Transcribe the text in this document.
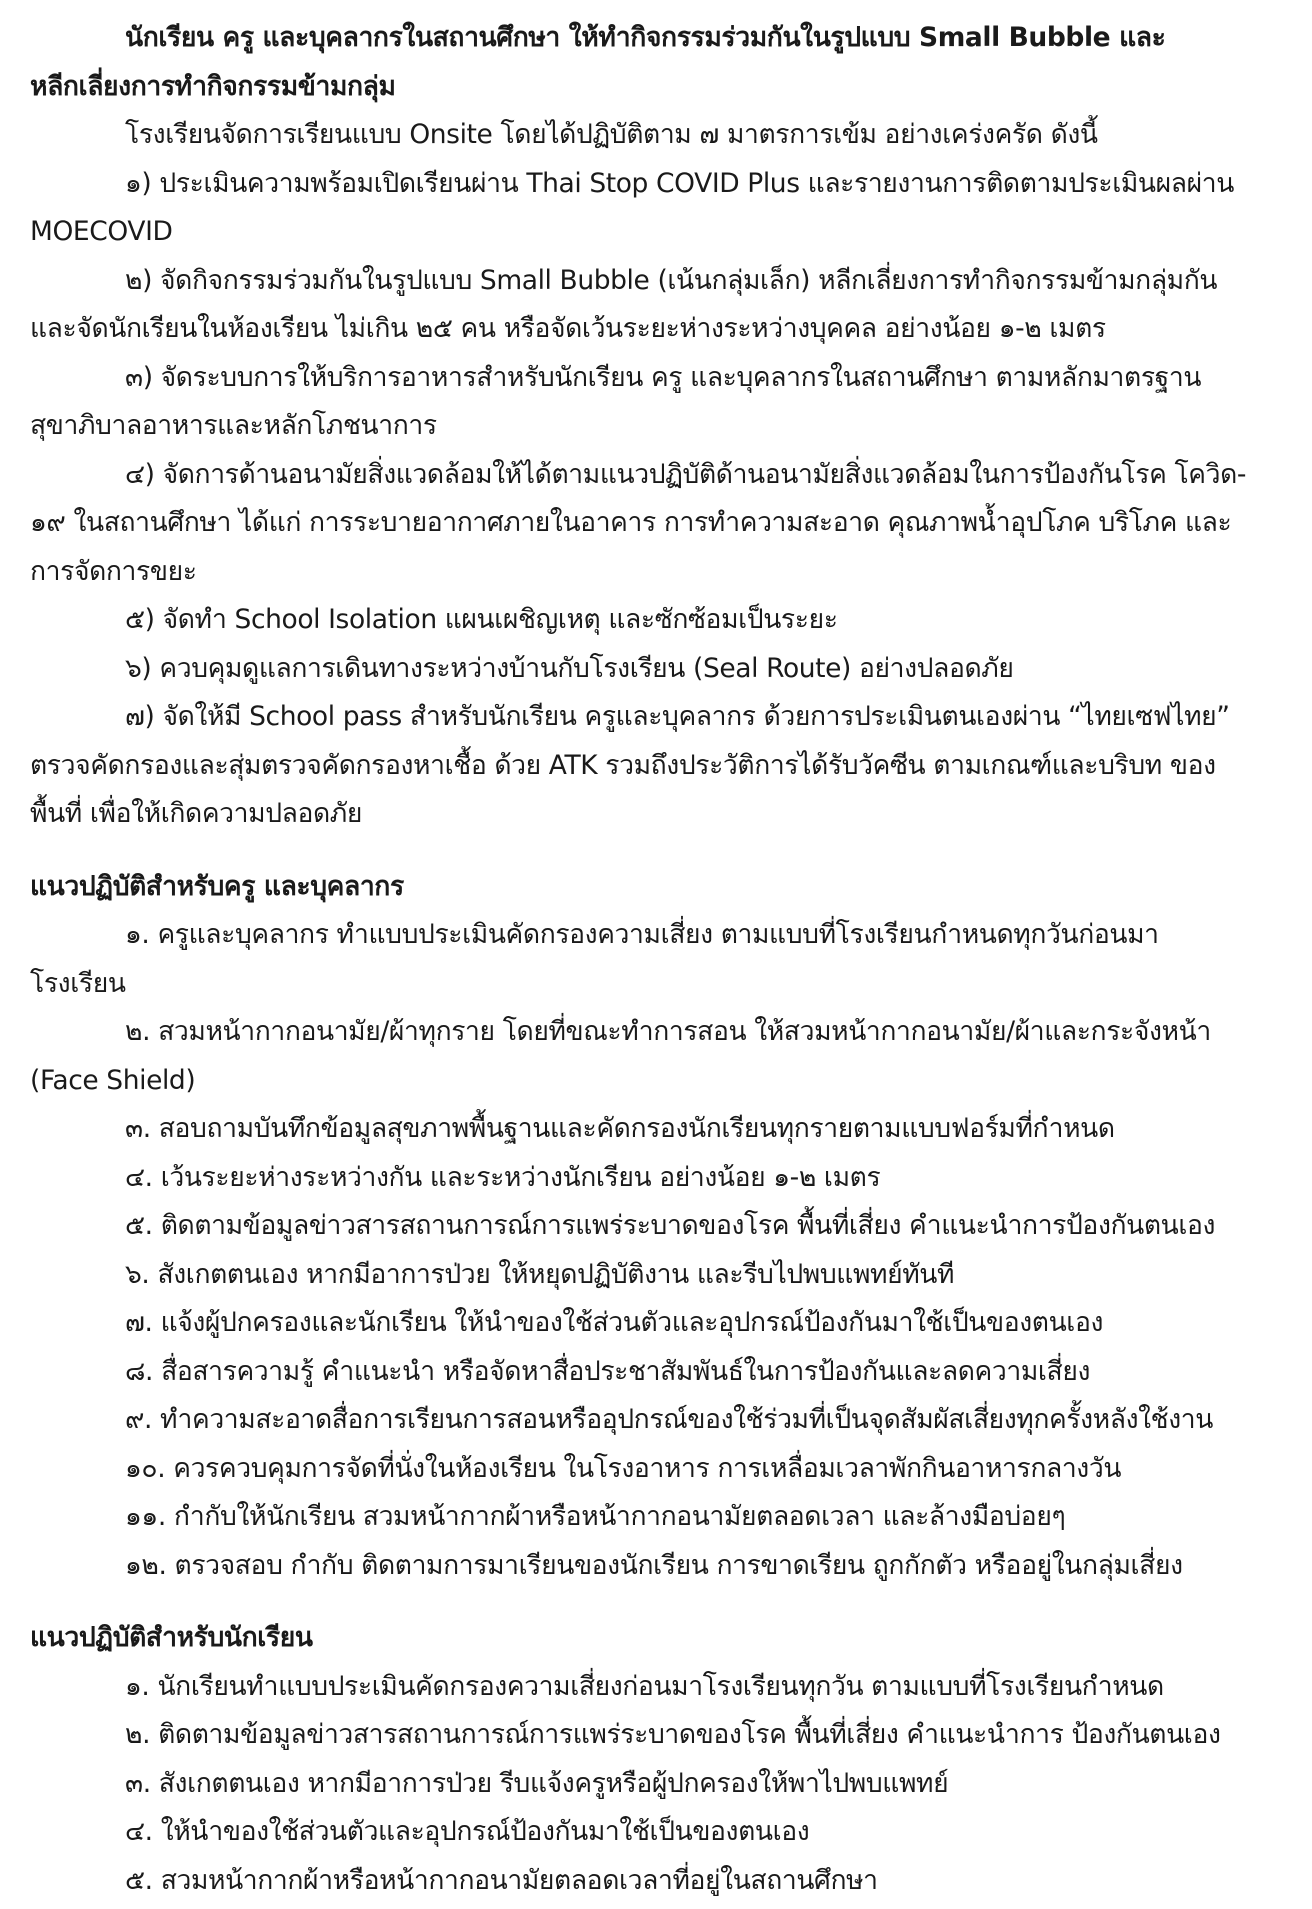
นักเรียน ครู และบุคลากรในสถานศึกษา ให้ทำกิจกรรมร่วมกันในรูปแบบ Small Bubble และ
หลีกเลี่ยงการทำกิจกรรมข้ามกลุ่ม
โรงเรียนจัดการเรียนแบบ Onsite โดยได้ปฏิบัติตาม ๗ มาตรการเข้ม อย่างเคร่งครัด ดังนี้
๑) ประเมินความพร้อมเปิดเรียนผ่าน Thai Stop COVID Plus และรายงานการติดตามประเมินผลผ่าน
MOECOVID
๒) จัดกิจกรรมร่วมกันในรูปแบบ Small Bubble (เน้นกลุ่มเล็ก) หลีกเลี่ยงการทำกิจกรรมข้ามกลุ่มกัน
และจัดนักเรียนในห้องเรียน ไม่เกิน ๒๕ คน หรือจัดเว้นระยะห่างระหว่างบุคคล อย่างน้อย ๑-๒ เมตร
๓) จัดระบบการให้บริการอาหารสำหรับนักเรียน ครู และบุคลากรในสถานศึกษา ตามหลักมาตรฐาน
สุขาภิบาลอาหารและหลักโภชนาการ
๔) จัดการด้านอนามัยสิ่งแวดล้อมให้ได้ตามแนวปฏิบัติด้านอนามัยสิ่งแวดล้อมในการป้องกันโรค โควิด-
๑๙ ในสถานศึกษา ได้แก่ การระบายอากาศภายในอาคาร การทำความสะอาด คุณภาพน้ำอุปโภค บริโภค และ
การจัดการขยะ
๕) จัดทำ School Isolation แผนเผชิญเหตุ และซักซ้อมเป็นระยะ
๖) ควบคุมดูแลการเดินทางระหว่างบ้านกับโรงเรียน (Seal Route) อย่างปลอดภัย
๗) จัดให้มี School pass สำหรับนักเรียน ครูและบุคลากร ด้วยการประเมินตนเองผ่าน “ไทยเซฟไทย”
ตรวจคัดกรองและสุ่มตรวจคัดกรองหาเชื้อ ด้วย ATK รวมถึงประวัติการได้รับวัคซีน ตามเกณฑ์และบริบท ของ
พื้นที่ เพื่อให้เกิดความปลอดภัย
แนวปฏิบัติสำหรับครู และบุคลากร
๑. ครูและบุคลากร ทำแบบประเมินคัดกรองความเสี่ยง ตามแบบที่โรงเรียนกำหนดทุกวันก่อนมา
โรงเรียน
๒. สวมหน้ากากอนามัย/ผ้าทุกราย โดยที่ขณะทำการสอน ให้สวมหน้ากากอนามัย/ผ้าและกระจังหน้า
(Face Shield)
๓. สอบถามบันทึกข้อมูลสุขภาพพื้นฐานและคัดกรองนักเรียนทุกรายตามแบบฟอร์มที่กำหนด
๔. เว้นระยะห่างระหว่างกัน และระหว่างนักเรียน อย่างน้อย ๑-๒ เมตร
๕. ติดตามข้อมูลข่าวสารสถานการณ์การแพร่ระบาดของโรค พื้นที่เสี่ยง คำแนะนำการป้องกันตนเอง
๖. สังเกตตนเอง หากมีอาการป่วย ให้หยุดปฏิบัติงาน และรีบไปพบแพทย์ทันที
๗. แจ้งผู้ปกครองและนักเรียน ให้นำของใช้ส่วนตัวและอุปกรณ์ป้องกันมาใช้เป็นของตนเอง
๘. สื่อสารความรู้ คำแนะนำ หรือจัดหาสื่อประชาสัมพันธ์ในการป้องกันและลดความเสี่ยง
๙. ทำความสะอาดสื่อการเรียนการสอนหรืออุปกรณ์ของใช้ร่วมที่เป็นจุดสัมผัสเสี่ยงทุกครั้งหลังใช้งาน
๑๐. ควรควบคุมการจัดที่นั่งในห้องเรียน ในโรงอาหาร การเหลื่อมเวลาพักกินอาหารกลางวัน
๑๑. กำกับให้นักเรียน สวมหน้ากากผ้าหรือหน้ากากอนามัยตลอดเวลา และล้างมือบ่อยๆ
๑๒. ตรวจสอบ กำกับ ติดตามการมาเรียนของนักเรียน การขาดเรียน ถูกกักตัว หรืออยู่ในกลุ่มเสี่ยง
แนวปฏิบัติสำหรับนักเรียน
๑. นักเรียนทำแบบประเมินคัดกรองความเสี่ยงก่อนมาโรงเรียนทุกวัน ตามแบบที่โรงเรียนกำหนด
๒. ติดตามข้อมูลข่าวสารสถานการณ์การแพร่ระบาดของโรค พื้นที่เสี่ยง คำแนะนำการ ป้องกันตนเอง
๓. สังเกตตนเอง หากมีอาการป่วย รีบแจ้งครูหรือผู้ปกครองให้พาไปพบแพทย์
๔. ให้นำของใช้ส่วนตัวและอุปกรณ์ป้องกันมาใช้เป็นของตนเอง
๕. สวมหน้ากากผ้าหรือหน้ากากอนามัยตลอดเวลาที่อยู่ในสถานศึกษา
